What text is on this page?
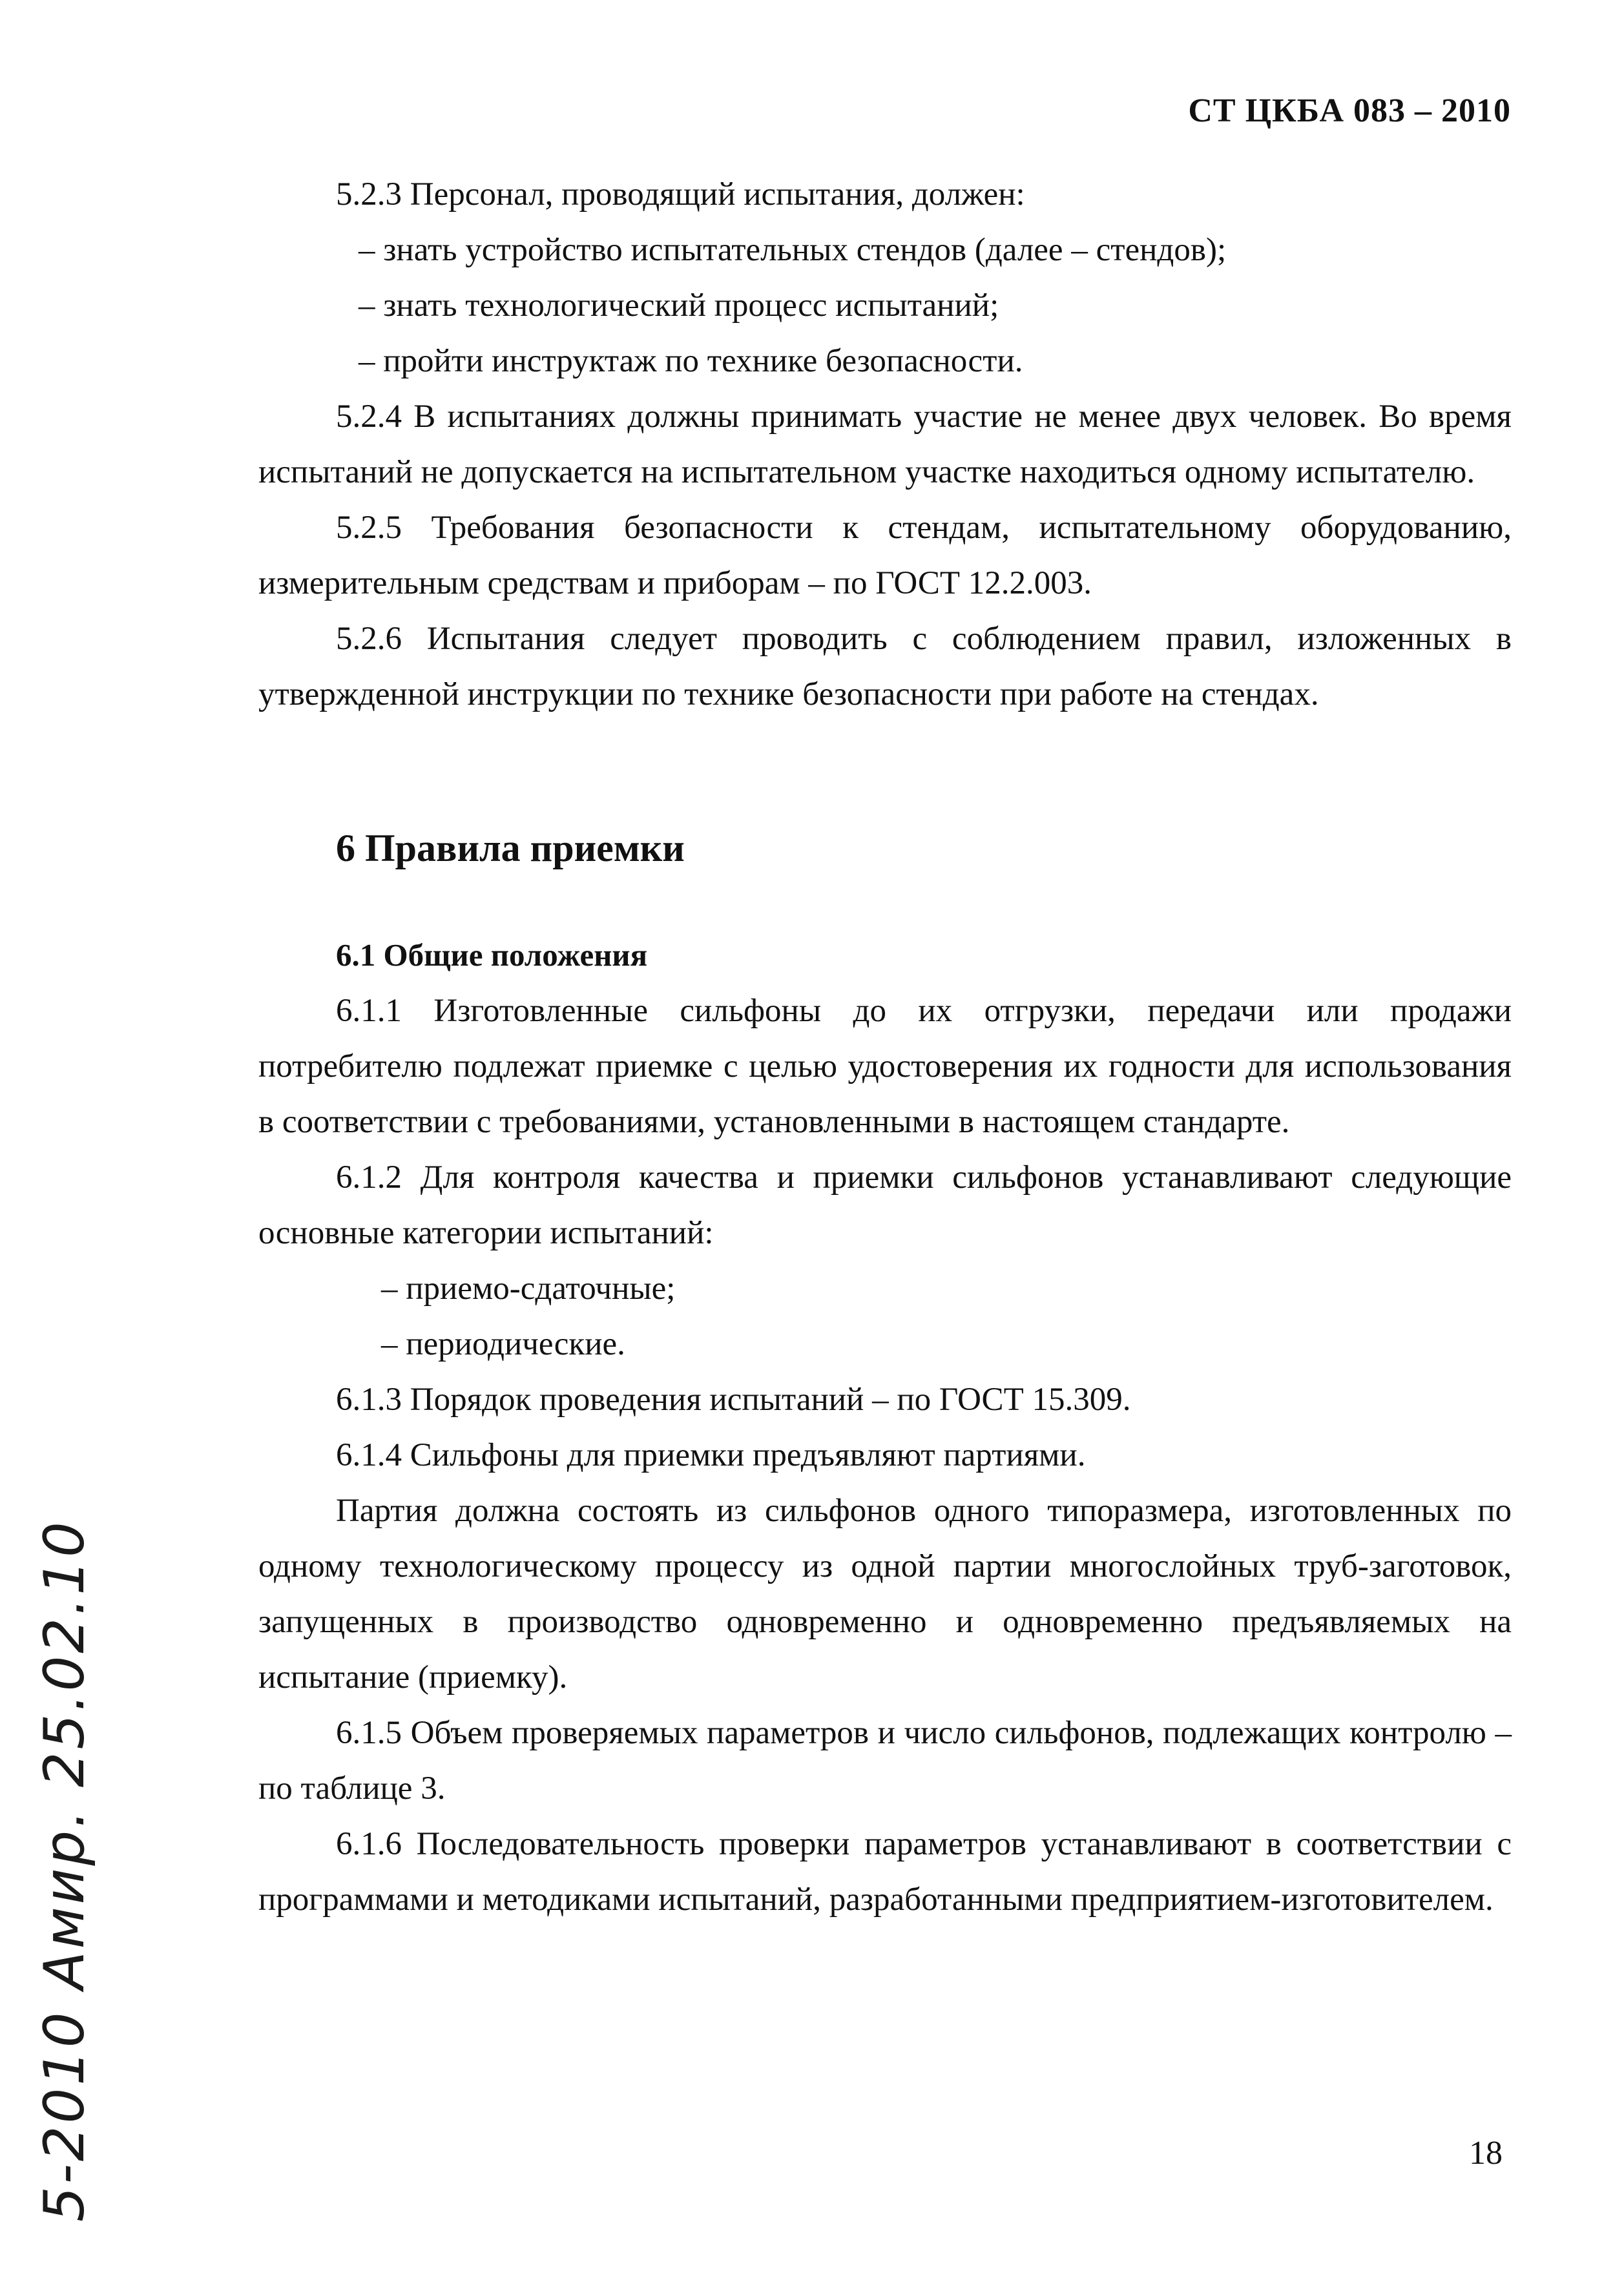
СТ ЦКБА 083 – 2010

5.2.3 Персонал, проводящий испытания, должен:

– знать устройство испытательных стендов (далее – стендов);

– знать технологический процесс испытаний;

– пройти инструктаж по технике безопасности.

5.2.4 В испытаниях должны принимать участие не менее двух человек. Во время испытаний не допускается на испытательном участке находиться одному испытателю.

5.2.5 Требования безопасности к стендам, испытательному оборудованию, измерительным средствам и приборам – по ГОСТ 12.2.003.

5.2.6 Испытания следует проводить с соблюдением правил, изложенных в утвержденной инструкции по технике безопасности при работе на стендах.

6 Правила приемки
6.1 Общие положения

6.1.1 Изготовленные сильфоны до их отгрузки, передачи или продажи потребителю подлежат приемке с целью удостоверения их годности для использования в соответствии с требованиями, установленными в настоящем стандарте.

6.1.2 Для контроля качества и приемки сильфонов устанавливают следующие основные категории испытаний:

– приемо-сдаточные;

– периодические.

6.1.3 Порядок проведения испытаний – по ГОСТ 15.309.

6.1.4 Сильфоны для приемки предъявляют партиями.

Партия должна состоять из сильфонов одного типоразмера, изготовленных по одному технологическому процессу из одной партии многослойных труб-заготовок, запущенных в производство одновременно и одновременно предъявляемых на испытание (приемку).

6.1.5 Объем проверяемых параметров и число сильфонов, подлежащих контролю – по таблице 3.

6.1.6 Последовательность проверки параметров устанавливают в соответствии с программами и методиками испытаний, разработанными предприятием-изготовителем.

5-2010 Амир. 25.02.10	18
